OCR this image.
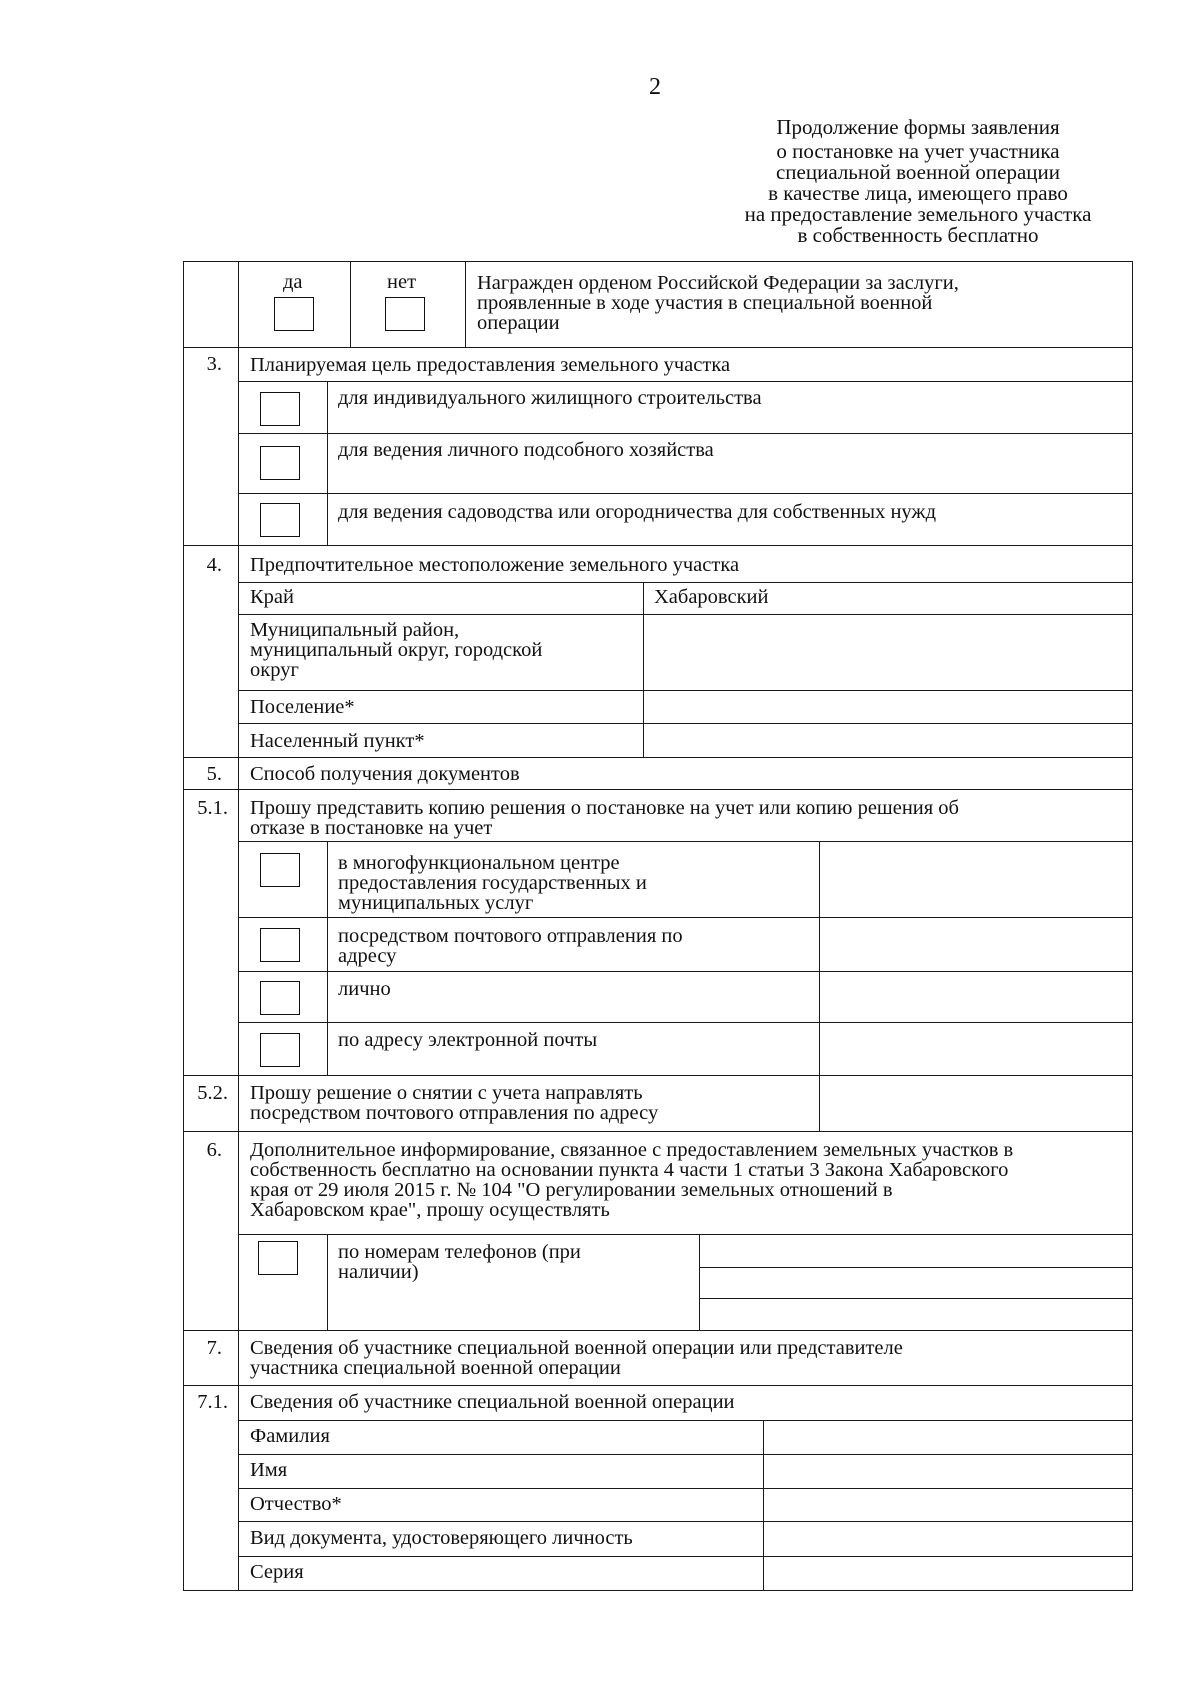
2
Продолжение формы заявления
о постановке на учет участника
специальной военной операции
в качестве лица, имеющего право
на предоставление земельного участка
в собственность бесплатно
да	нет	Награжден орденом Российской Федерации за заслуги,
проявленные в ходе участия в специальной военной
операции
3. Планируемая цель предоставления земельного участка
для индивидуального жилищного строительства
для ведения личного подсобного хозяйства
для ведения садоводства или огородничества для собственных нужд
4. Предпочтительное местоположение земельного участка
Край	Хабаровский
Муниципальный район,
муниципальный округ, городской
округ
Поселение*
Населенный пункт*
5. Способ получения документов
5.1. Прошу представить копию решения о постановке на учет или копию решения об
отказе в постановке на учет
в многофункциональном центре
предоставления государственных и
муниципальных услуг
посредством почтового отправления по
адресу
лично
по адресу электронной почты
5.2. Прошу решение о снятии с учета направлять
посредством почтового отправления по адресу
6. Дополнительное информирование, связанное с предоставлением земельных участков в
собственность бесплатно на основании пункта 4 части 1 статьи 3 Закона Хабаровского
края от 29 июля 2015 г. № 104 "О регулировании земельных отношений в
Хабаровском крае", прошу осуществлять
по номерам телефонов (при
наличии)
7. Сведения об участнике специальной военной операции или представителе
участника специальной военной операции
7.1. Сведения об участнике специальной военной операции
Фамилия
Имя
Отчество*
Вид документа, удостоверяющего личность
Серия
